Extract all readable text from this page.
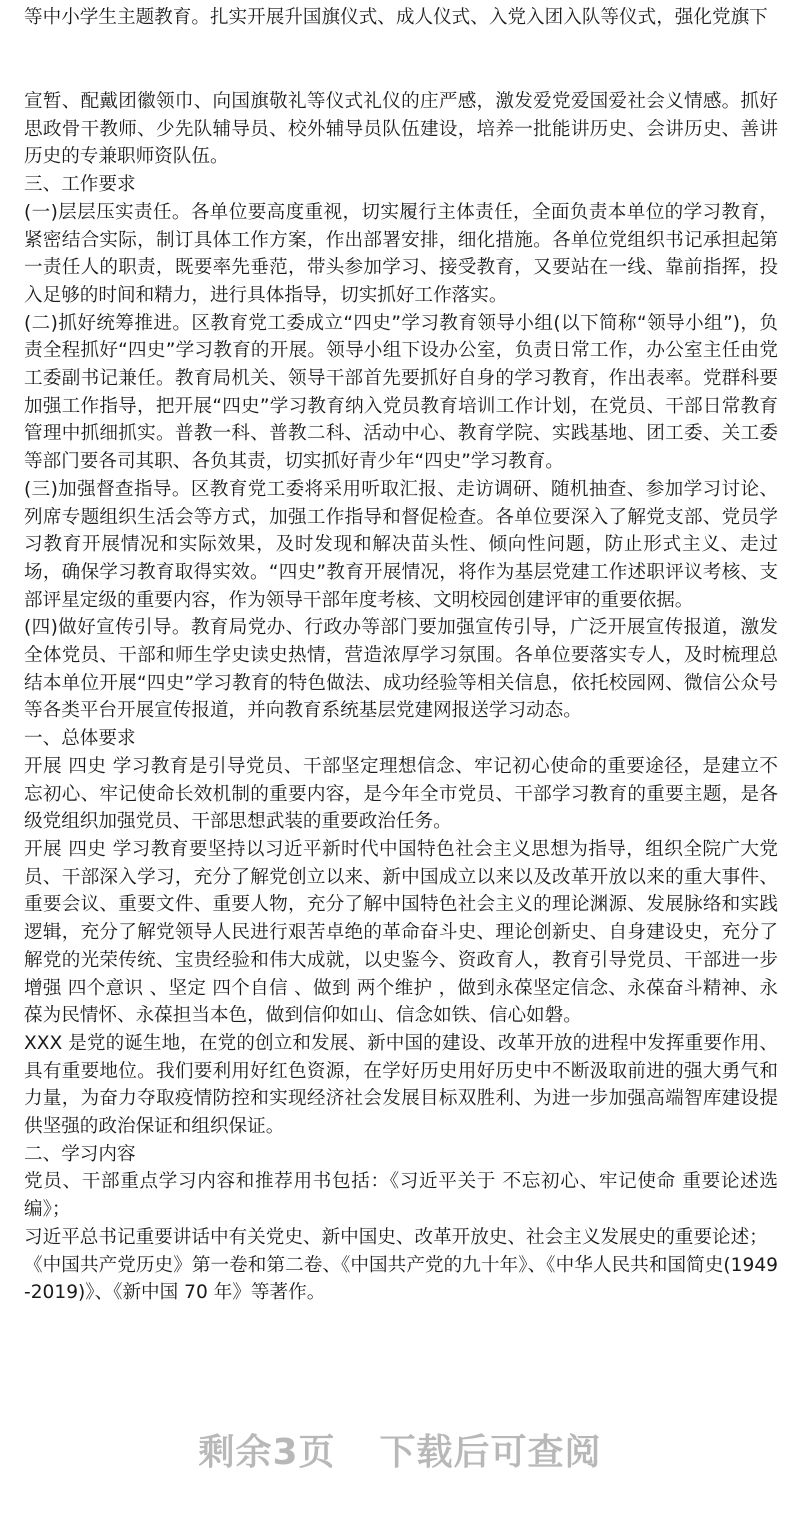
等中小学生主题教育。扎实开展升国旗仪式、成人仪式、入党入团入队等仪式，强化党旗下

宣暂、配戴团徽领巾、向国旗敬礼等仪式礼仪的庄严感，激发爱党爱国爱社会义情感。抓好思政骨干教师、少先队辅导员、校外辅导员队伍建设，培养一批能讲历史、会讲历史、善讲历史的专兼职师资队伍。

三、工作要求

(一)层层压实责任。各单位要高度重视，切实履行主体责任，全面负责本单位的学习教育，紧密结合实际，制订具体工作方案，作出部署安排，细化措施。各单位党组织书记承担起第一责任人的职责，既要率先垂范，带头参加学习、接受教育，又要站在一线、靠前指挥，投入足够的时间和精力，进行具体指导，切实抓好工作落实。

(二)抓好统筹推进。区教育党工委成立“四史”学习教育领导小组(以下简称“领导小组”)，负责全程抓好“四史”学习教育的开展。领导小组下设办公室，负责日常工作，办公室主任由党工委副书记兼任。教育局机关、领导干部首先要抓好自身的学习教育，作出表率。党群科要加强工作指导，把开展“四史”学习教育纳入党员教育培训工作计划，在党员、干部日常教育管理中抓细抓实。普教一科、普教二科、活动中心、教育学院、实践基地、团工委、关工委等部门要各司其职、各负其责，切实抓好青少年“四史”学习教育。

(三)加强督查指导。区教育党工委将采用听取汇报、走访调研、随机抽查、参加学习讨论、列席专题组织生活会等方式，加强工作指导和督促检查。各单位要深入了解党支部、党员学习教育开展情况和实际效果，及时发现和解决苗头性、倾向性问题，防止形式主义、走过场，确保学习教育取得实效。“四史”教育开展情况，将作为基层党建工作述职评议考核、支部评星定级的重要内容，作为领导干部年度考核、文明校园创建评审的重要依据。

(四)做好宣传引导。教育局党办、行政办等部门要加强宣传引导，广泛开展宣传报道，激发全体党员、干部和师生学史读史热情，营造浓厚学习氛围。各单位要落实专人，及时梳理总结本单位开展“四史”学习教育的特色做法、成功经验等相关信息，依托校园网、微信公众号等各类平台开展宣传报道，并向教育系统基层党建网报送学习动态。

一、总体要求

开展 四史 学习教育是引导党员、干部坚定理想信念、牢记初心使命的重要途径，是建立不忘初心、牢记使命长效机制的重要内容，是今年全市党员、干部学习教育的重要主题，是各级党组织加强党员、干部思想武装的重要政治任务。

开展 四史 学习教育要坚持以习近平新时代中国特色社会主义思想为指导，组织全院广大党员、干部深入学习，充分了解党创立以来、新中国成立以来以及改革开放以来的重大事件、重要会议、重要文件、重要人物，充分了解中国特色社会主义的理论渊源、发展脉络和实践逻辑，充分了解党领导人民进行艰苦卓绝的革命奋斗史、理论创新史、自身建设史，充分了解党的光荣传统、宝贵经验和伟大成就，以史鉴今、资政育人，教育引导党员、干部进一步增强 四个意识 、坚定 四个自信 、做到 两个维护 ，做到永葆坚定信念、永葆奋斗精神、永葆为民情怀、永葆担当本色，做到信仰如山、信念如铁、信心如磐。

XXX 是党的诞生地，在党的创立和发展、新中国的建设、改革开放的进程中发挥重要作用、具有重要地位。我们要利用好红色资源，在学好历史用好历史中不断汲取前进的强大勇气和力量，为奋力夺取疫情防控和实现经济社会发展目标双胜利、为进一步加强高端智库建设提供坚强的政治保证和组织保证。

二、学习内容

党员、干部重点学习内容和推荐用书包括：《习近平关于 不忘初心、牢记使命 重要论述选编》；

习近平总书记重要讲话中有关党史、新中国史、改革开放史、社会主义发展史的重要论述；

《中国共产党历史》第一卷和第二卷、《中国共产党的九十年》、《中华人民共和国简史(1949-2019)》、《新中国 70 年》等著作。

剩余3页 下载后可查阅
